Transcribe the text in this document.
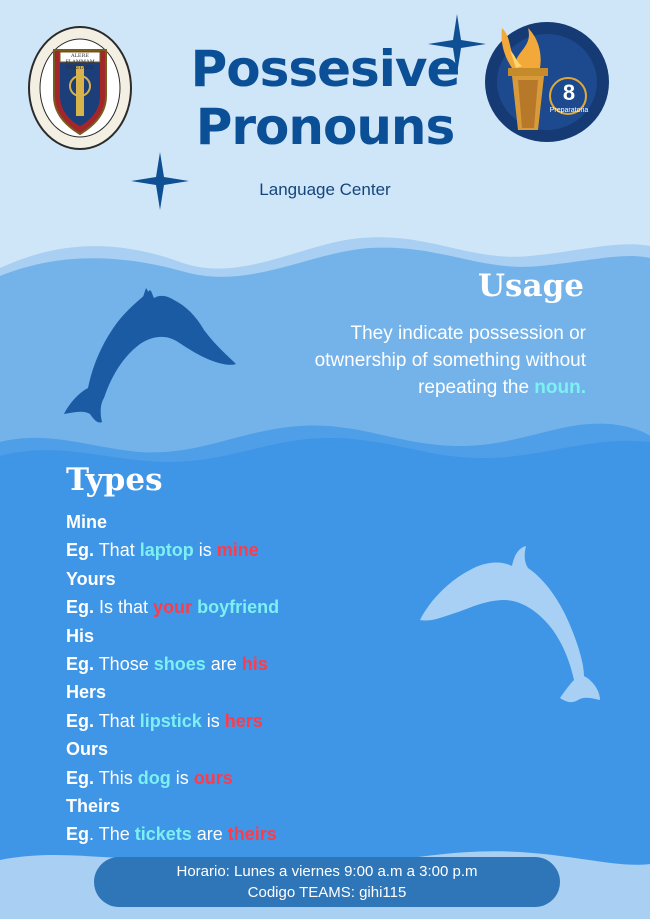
ALERE FLAMMAM VERITATIS
8
Preparatoria
Possesive
Pronouns
Language Center
Usage
They indicate possession or otwnership of something without repeating the noun.
Types
Mine
Eg. That laptop is mine
Yours
Eg. Is that your boyfriend
His
Eg. Those shoes are his
Hers
Eg. That lipstick is hers
Ours
Eg. This dog is ours
Theirs
Eg. The tickets are theirs
Horario: Lunes a viernes 9:00 a.m a 3:00 p.m
Codigo TEAMS: gihi115
